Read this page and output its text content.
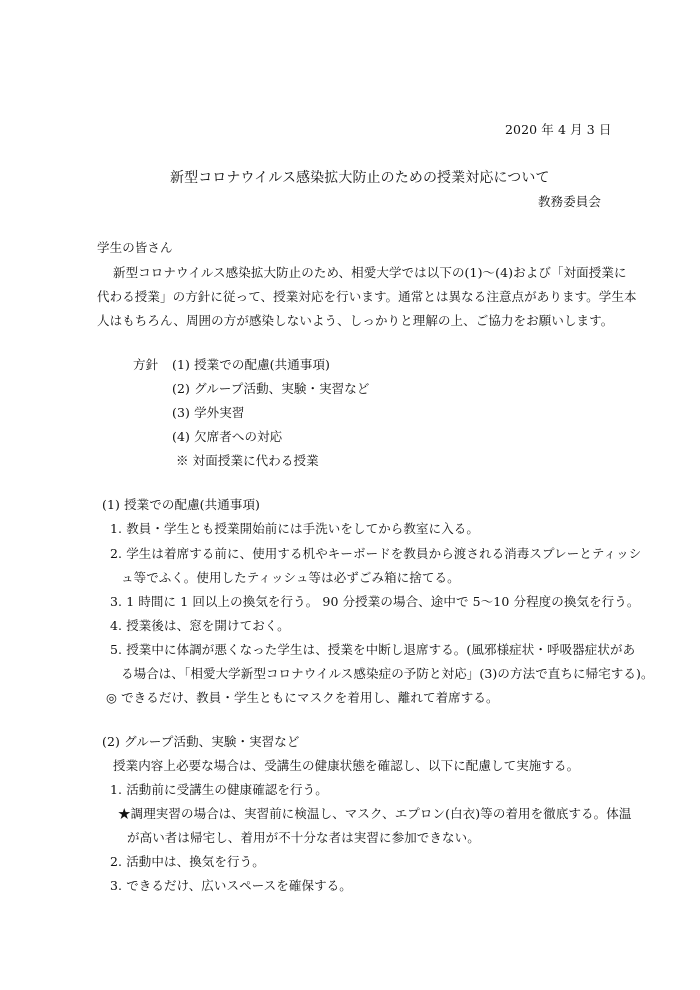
2020 年 4 月 3 日
新型コロナウイルス感染拡大防止のための授業対応について
教務委員会
学生の皆さん
新型コロナウイルス感染拡大防止のため、相愛大学では以下の(1)～(4)および「対面授業に
代わる授業」の方針に従って、授業対応を行います。通常とは異なる注意点があります。学生本
人はもちろん、周囲の方が感染しないよう、しっかりと理解の上、ご協力をお願いします。
方針 (1) 授業での配慮(共通事項)
(2) グループ活動、実験・実習など
(3) 学外実習
(4) 欠席者への対応
※ 対面授業に代わる授業
(1) 授業での配慮(共通事項)
1. 教員・学生とも授業開始前には手洗いをしてから教室に入る。
2. 学生は着席する前に、使用する机やキーボードを教員から渡される消毒スプレーとティッシ
ュ等でふく。使用したティッシュ等は必ずごみ箱に捨てる。
3. 1 時間に 1 回以上の換気を行う。 90 分授業の場合、途中で 5～10 分程度の換気を行う。
4. 授業後は、窓を開けておく。
5. 授業中に体調が悪くなった学生は、授業を中断し退席する。(風邪様症状・呼吸器症状があ
る場合は、「相愛大学新型コロナウイルス感染症の予防と対応」(3)の方法で直ちに帰宅する)。
◎ できるだけ、教員・学生ともにマスクを着用し、離れて着席する。
(2) グループ活動、実験・実習など
授業内容上必要な場合は、受講生の健康状態を確認し、以下に配慮して実施する。
1. 活動前に受講生の健康確認を行う。
★調理実習の場合は、実習前に検温し、マスク、エプロン(白衣)等の着用を徹底する。体温
が高い者は帰宅し、着用が不十分な者は実習に参加できない。
2. 活動中は、換気を行う。
3. できるだけ、広いスペースを確保する。
